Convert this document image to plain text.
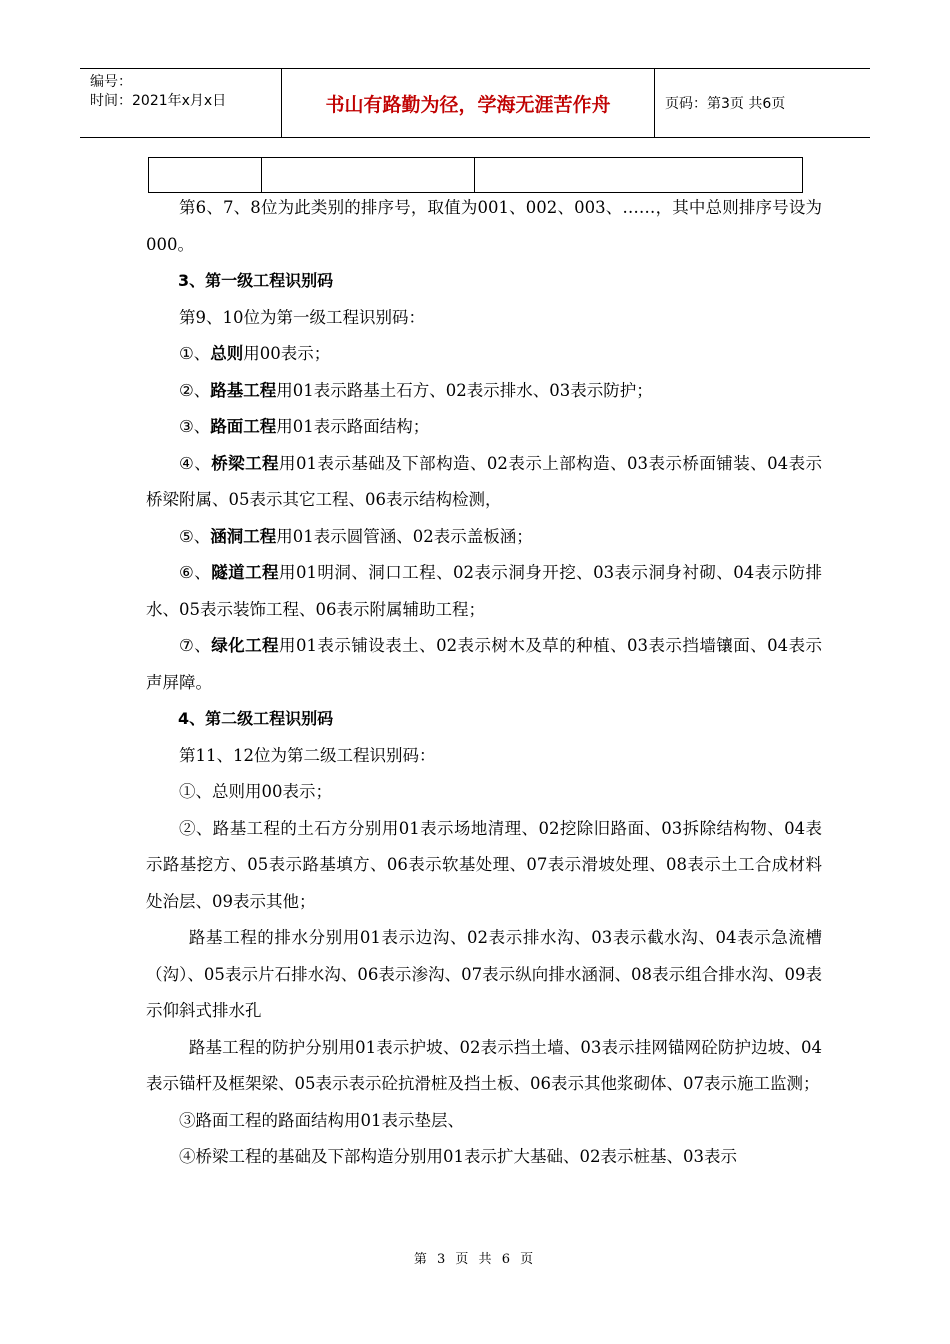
编号：
时间：2021年x月x日	书山有路勤为径，学海无涯苦作舟	页码：第3页 共6页

第6、7、8位为此类别的排序号，取值为001、002、003、……，其中总则排序号设为000。

3、第一级工程识别码

第9、10位为第一级工程识别码：

①、总则用00表示；

②、路基工程用01表示路基土石方、02表示排水、03表示防护；

③、路面工程用01表示路面结构；

④、桥梁工程用01表示基础及下部构造、02表示上部构造、03表示桥面铺装、04表示桥梁附属、05表示其它工程、06表示结构检测，

⑤、涵洞工程用01表示圆管涵、02表示盖板涵；

⑥、隧道工程用01明洞、洞口工程、02表示洞身开挖、03表示洞身衬砌、04表示防排水、05表示装饰工程、06表示附属辅助工程；

⑦、绿化工程用01表示铺设表土、02表示树木及草的种植、03表示挡墙镶面、04表示声屏障。

4、第二级工程识别码

第11、12位为第二级工程识别码：

①、总则用00表示；

②、路基工程的土石方分别用01表示场地清理、02挖除旧路面、03拆除结构物、04表示路基挖方、05表示路基填方、06表示软基处理、07表示滑坡处理、08表示土工合成材料处治层、09表示其他；

路基工程的排水分别用01表示边沟、02表示排水沟、03表示截水沟、04表示急流槽（沟）、05表示片石排水沟、06表示渗沟、07表示纵向排水涵洞、08表示组合排水沟、09表示仰斜式排水孔

路基工程的防护分别用01表示护坡、02表示挡土墙、03表示挂网锚网砼防护边坡、04表示锚杆及框架梁、05表示表示砼抗滑桩及挡土板、06表示其他浆砌体、07表示施工监测；

③路面工程的路面结构用01表示垫层、

④桥梁工程的基础及下部构造分别用01表示扩大基础、02表示桩基、03表示

第 3 页 共 6 页
